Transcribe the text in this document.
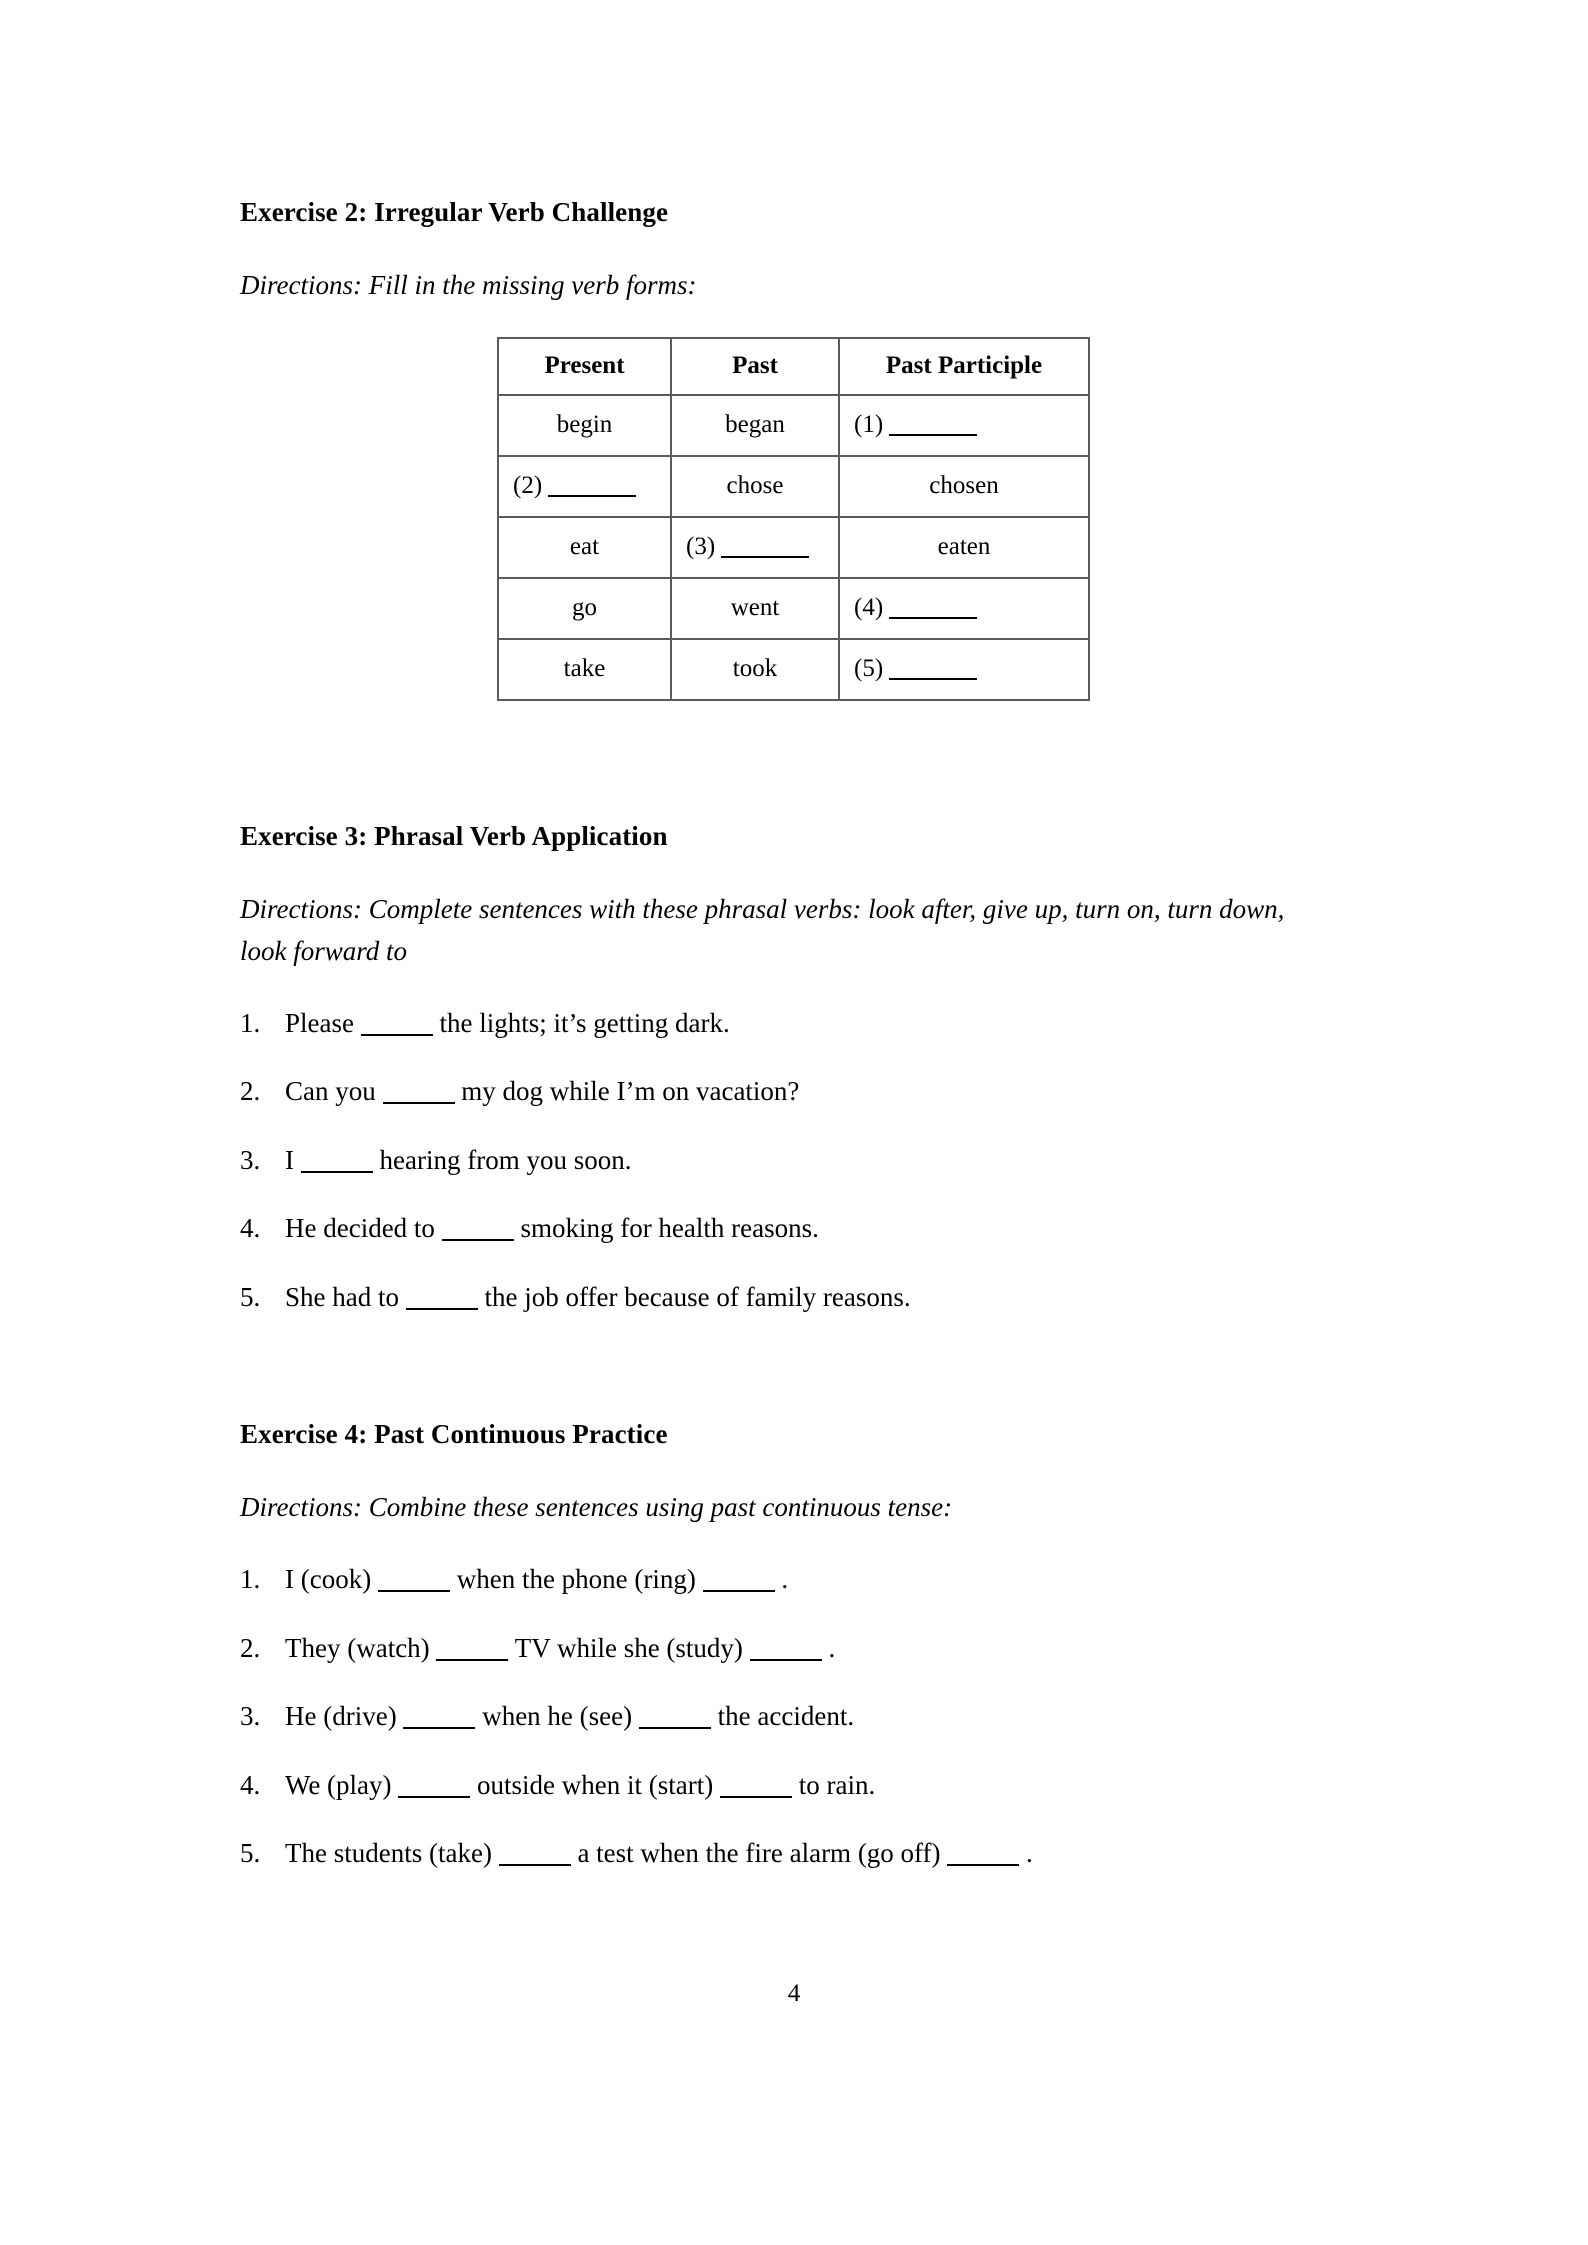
Exercise 2: Irregular Verb Challenge

Directions: Fill in the missing verb forms:

Present	Past	Past Participle
begin	began	(1)
(2)	chose	chosen
eat	(3)	eaten
go	went	(4)
take	took	(5)
Exercise 3: Phrasal Verb Application

Directions: Complete sentences with these phrasal verbs: look after, give up, turn on, turn down, look forward to

1. Please	the lights; it’s getting dark.
2. Can you	my dog while I’m on vacation?
3. I	hearing from you soon.
4. He decided to	smoking for health reasons.
5. She had to	the job offer because of family reasons.
Exercise 4: Past Continuous Practice

Directions: Combine these sentences using past continuous tense:

1. I (cook)	when the phone (ring)	.
2. They (watch)	TV while she (study)	.
3. He (drive)	when he (see)	the accident.
4. We (play)	outside when it (start)	to rain.
5. The students (take)	a test when the fire alarm (go off)	.
4
